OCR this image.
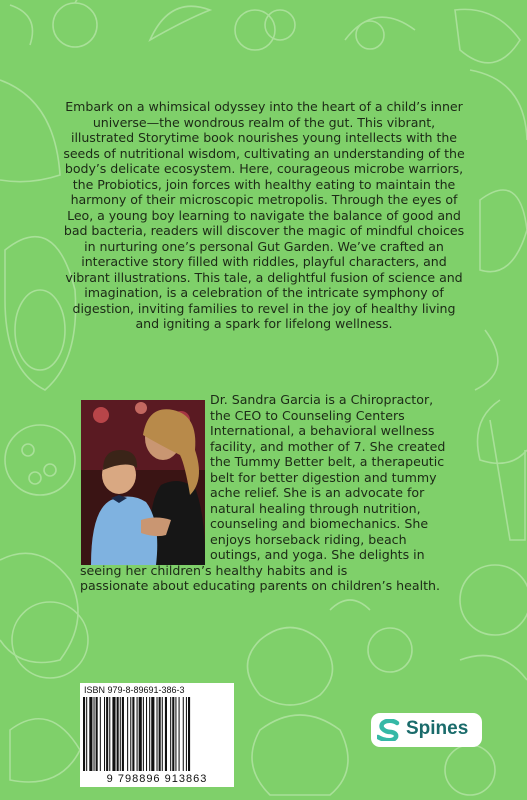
Embark on a whimsical odyssey into the heart of a child’s inner universe—the wondrous realm of the gut. This vibrant, illustrated Storytime book nourishes young intellects with the seeds of nutritional wisdom, cultivating an understanding of the body’s delicate ecosystem. Here, courageous microbe warriors, the Probiotics, join forces with healthy eating to maintain the harmony of their microscopic metropolis. Through the eyes of Leo, a young boy learning to navigate the balance of good and bad bacteria, readers will discover the magic of mindful choices in nurturing one’s personal Gut Garden. We’ve crafted an interactive story filled with riddles, playful characters, and vibrant illustrations. This tale, a delightful fusion of science and imagination, is a celebration of the intricate symphony of digestion, inviting families to revel in the joy of healthy living and igniting a spark for lifelong wellness.

Dr. Sandra Garcia is a Chiropractor,
the CEO to Counseling Centers
International, a behavioral wellness
facility, and mother of 7. She created
the Tummy Better belt, a therapeutic
belt for better digestion and tummy
ache relief. She is an advocate for
natural healing through nutrition,
counseling and biomechanics. She
enjoys horseback riding, beach
outings, and yoga. She delights in
seeing her children’s healthy habits and is
passionate about educating parents on children’s health.

ISBN 979-8-89691-386-3
9 798896 913863
Spines
